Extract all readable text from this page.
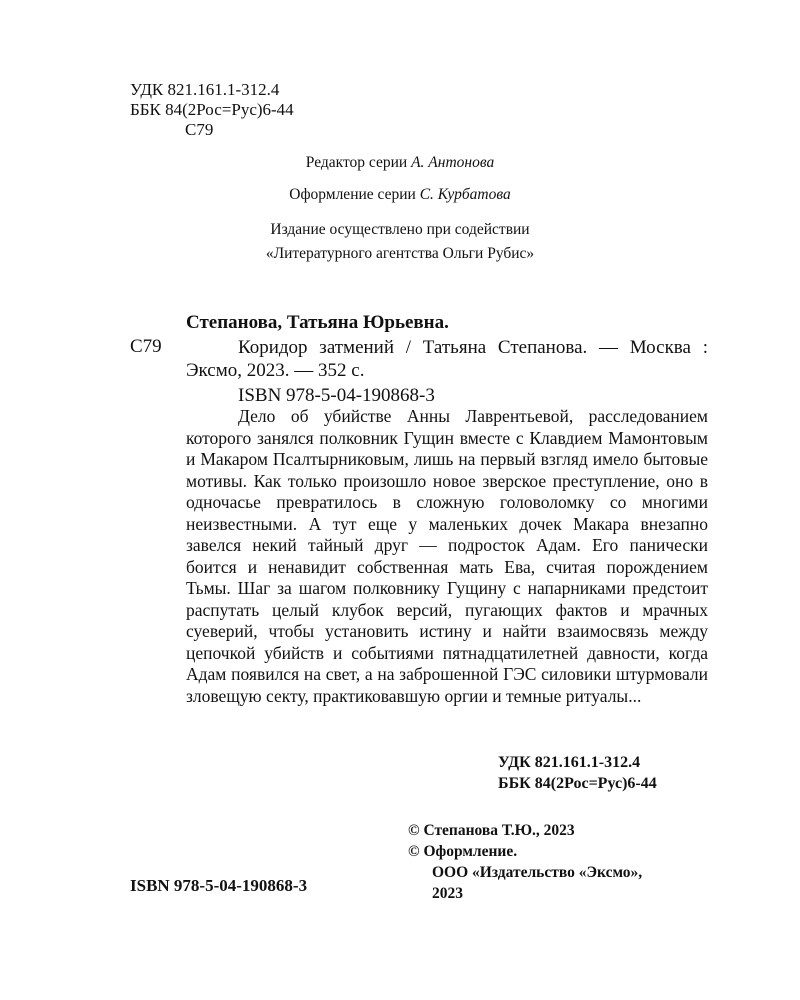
УДК 821.161.1-312.4
ББК 84(2Рос=Рус)6-44
С79
Редактор серии А. Антонова
Оформление серии С. Курбатова
Издание осуществлено при содействии
«Литературного агентства Ольги Рубис»
Степанова, Татьяна Юрьевна.
С79	Коридор затмений / Татьяна Степанова. — Москва : Эксмо, 2023. — 352 с.
ISBN 978-5-04-190868-3
Дело об убийстве Анны Лаврентьевой, расследованием которого занялся полковник Гущин вместе с Клавдием Мамонтовым и Макаром Псалтырниковым, лишь на первый взгляд имело бытовые мотивы. Как только произошло новое зверское преступление, оно в одночасье превратилось в сложную головоломку со многими неизвестными. А тут еще у маленьких дочек Макара внезапно завелся некий тайный друг — подросток Адам. Его панически боится и ненавидит собственная мать Ева, считая порождением Тьмы. Шаг за шагом полковнику Гущину с напарниками предстоит распутать целый клубок версий, пугающих фактов и мрачных суеверий, чтобы установить истину и найти взаимосвязь между цепочкой убийств и событиями пятнадцатилетней давности, когда Адам появился на свет, а на заброшенной ГЭС силовики штурмовали зловещую секту, практиковавшую оргии и темные ритуалы...
УДК 821.161.1-312.4
ББК 84(2Рос=Рус)6-44
© Степанова Т.Ю., 2023
© Оформление.
ООО «Издательство «Эксмо»,
2023
ISBN 978-5-04-190868-3
